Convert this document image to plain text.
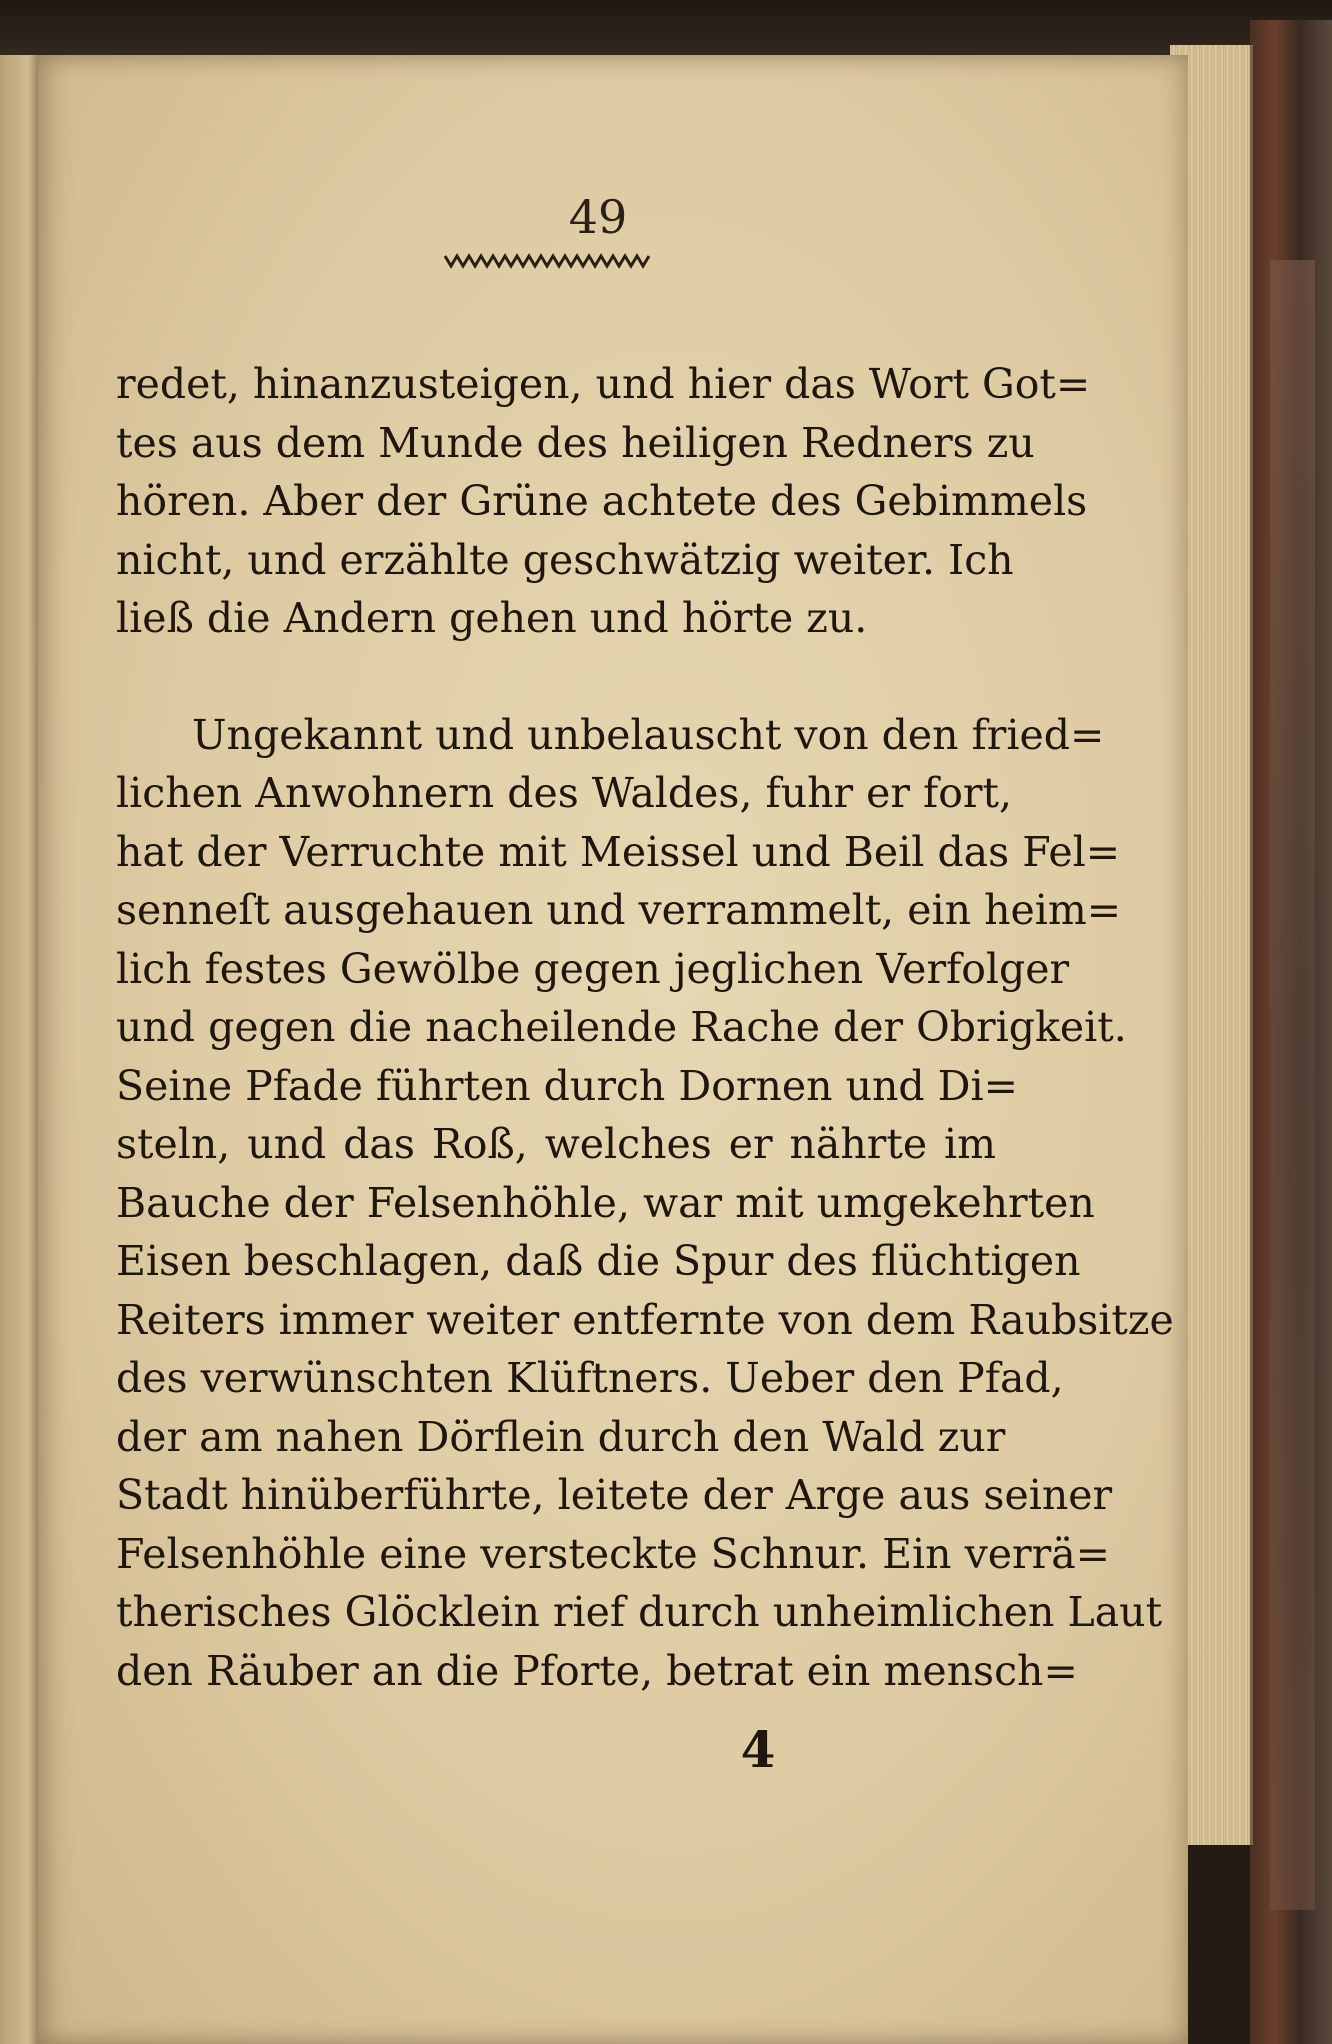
49
redet, hinanzusteigen, und hier das Wort Got=
tes aus dem Munde des heiligen Redners zu
hören. Aber der Grüne achtete des Gebimmels
nicht, und erzählte geschwätzig weiter. Ich
ließ die Andern gehen und hörte zu.
Ungekannt und unbelauscht von den fried=
lichen Anwohnern des Waldes, fuhr er fort,
hat der Verruchte mit Meissel und Beil das Fel=
senneſt ausgehauen und verrammelt, ein heim=
lich festes Gewölbe gegen jeglichen Verfolger
und gegen die nacheilende Rache der Obrigkeit.
Seine Pfade führten durch Dornen und Di=
steln, und das Roß, welches er nährte im
Bauche der Felsenhöhle, war mit umgekehrten
Eisen beschlagen, daß die Spur des flüchtigen
Reiters immer weiter entfernte von dem Raubsitze
des verwünschten Klüftners. Ueber den Pfad,
der am nahen Dörflein durch den Wald zur
Stadt hinüberführte, leitete der Arge aus seiner
Felsenhöhle eine versteckte Schnur. Ein verrä=
therisches Glöcklein rief durch unheimlichen Laut
den Räuber an die Pforte, betrat ein mensch=
4
